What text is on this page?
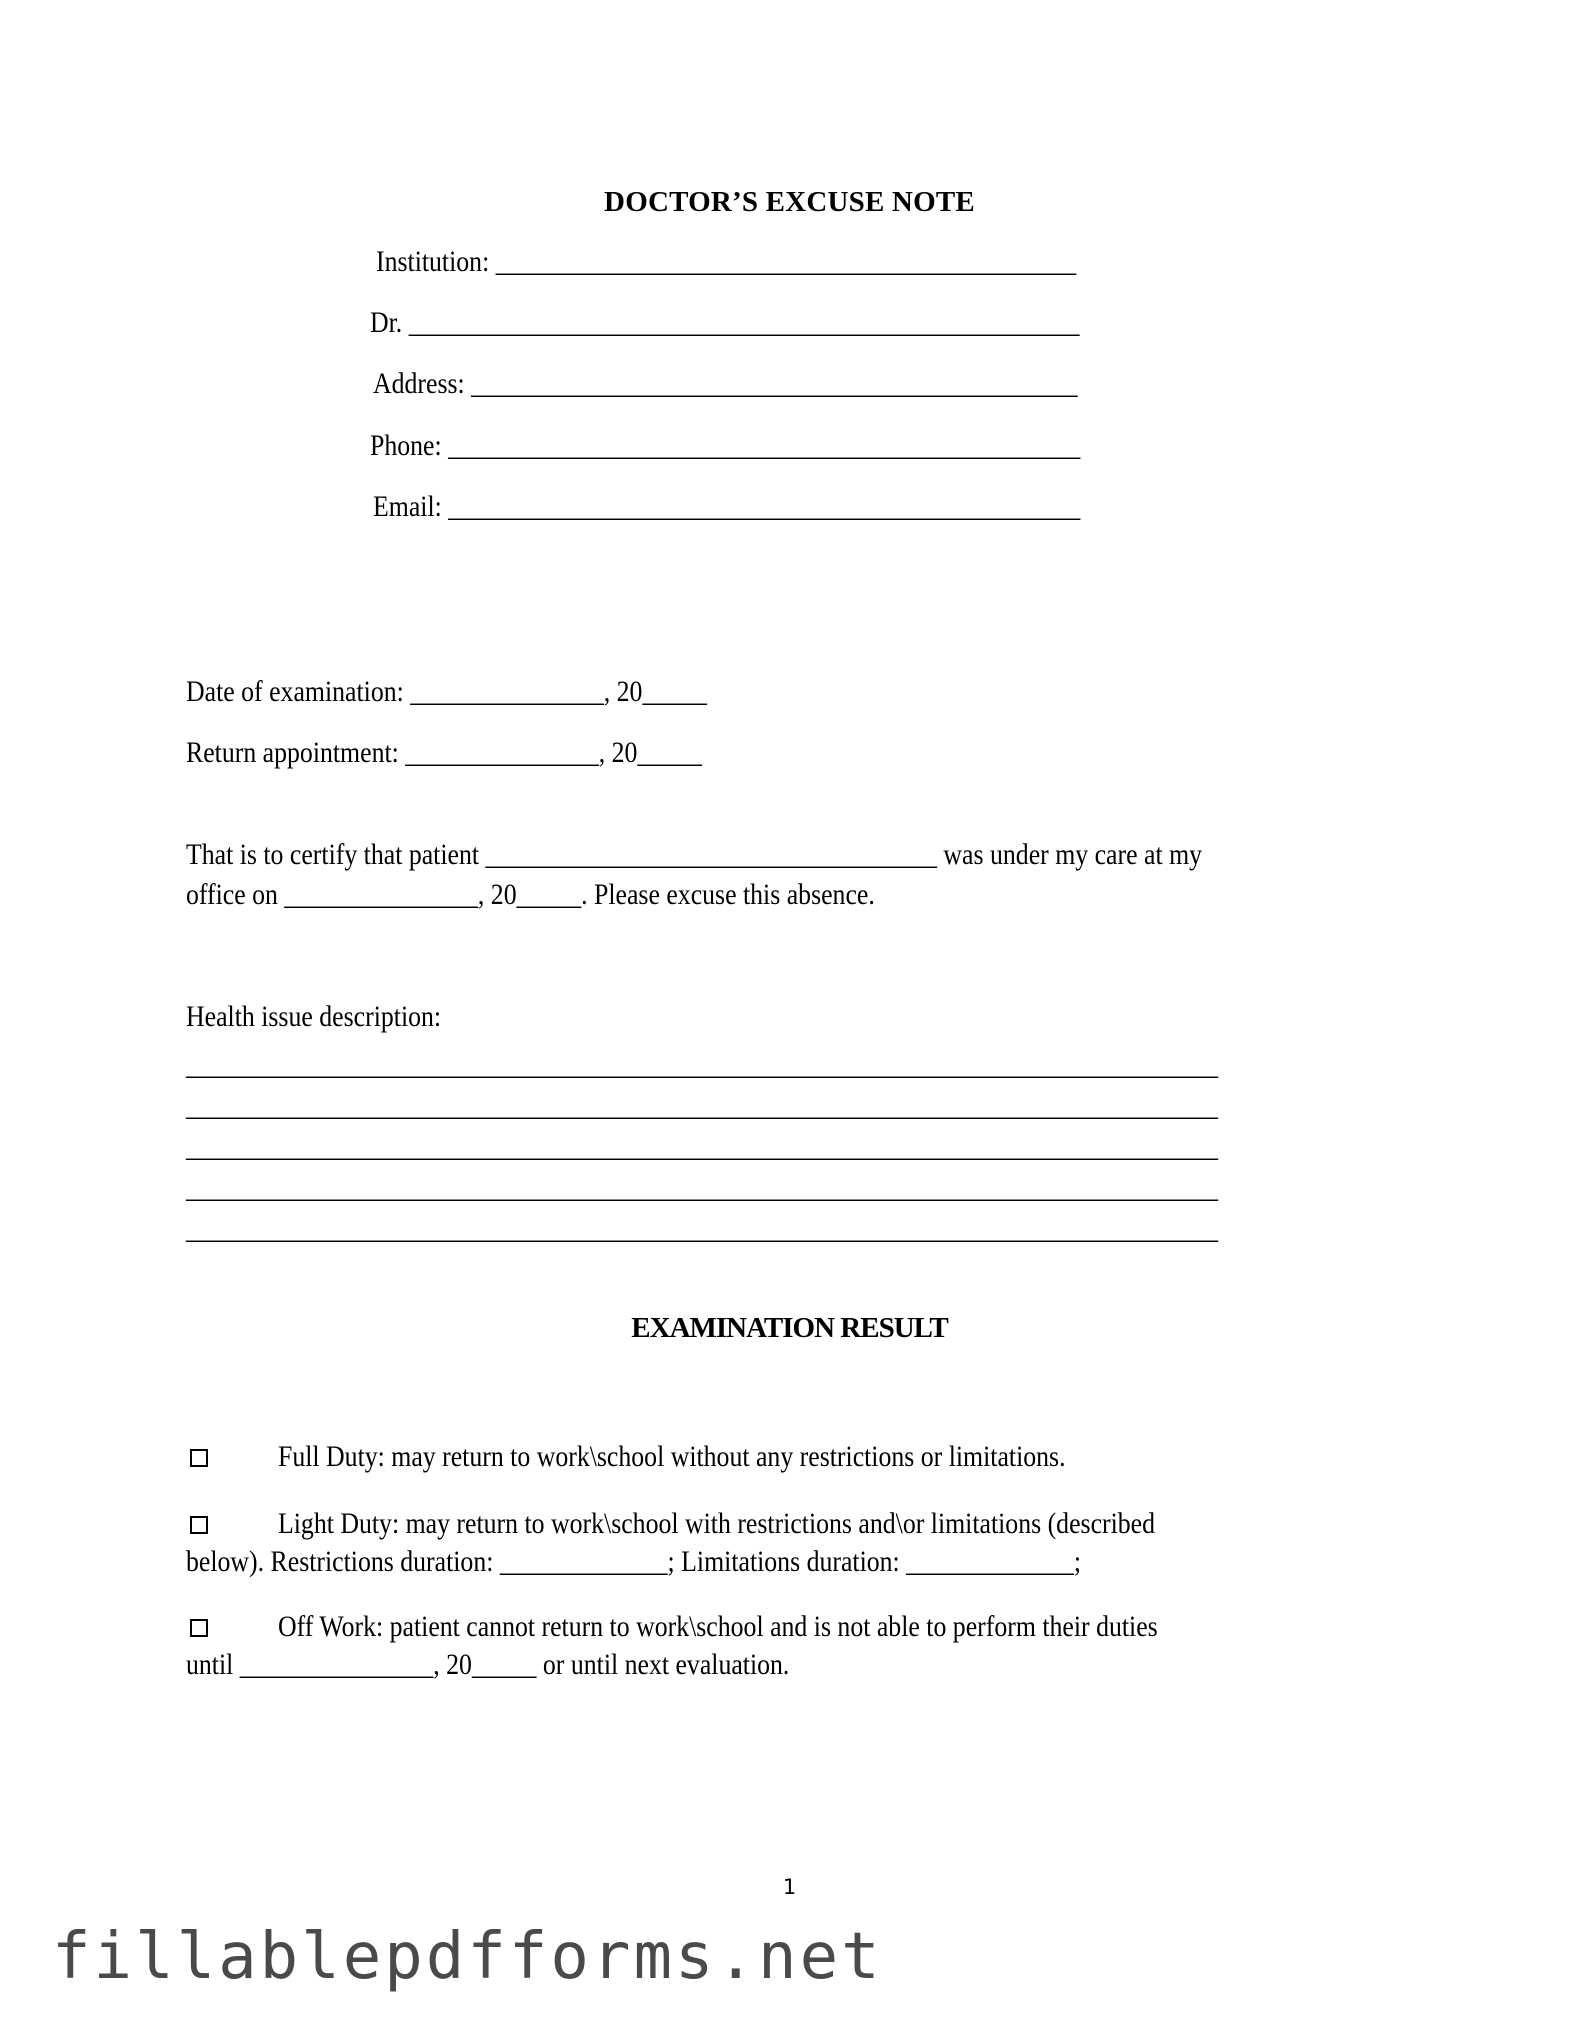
DOCTOR’S EXCUSE NOTE
Institution: _____________________________________________
Dr. ____________________________________________________
Address: _______________________________________________
Phone: _________________________________________________
Email: _________________________________________________
Date of examination: _______________, 20_____
Return appointment: _______________, 20_____
That is to certify that patient ___________________________________ was under my care at my
office on _______________, 20_____. Please excuse this absence.
Health issue description:
________________________________________________________________________________
________________________________________________________________________________
________________________________________________________________________________
________________________________________________________________________________
________________________________________________________________________________
EXAMINATION RESULT
Full Duty: may return to work\school without any restrictions or limitations.
Light Duty: may return to work\school with restrictions and\or limitations (described
below). Restrictions duration: _____________; Limitations duration: _____________;
Off Work: patient cannot return to work\school and is not able to perform their duties
until _______________, 20_____ or until next evaluation.
1
fillablepdfforms.net
